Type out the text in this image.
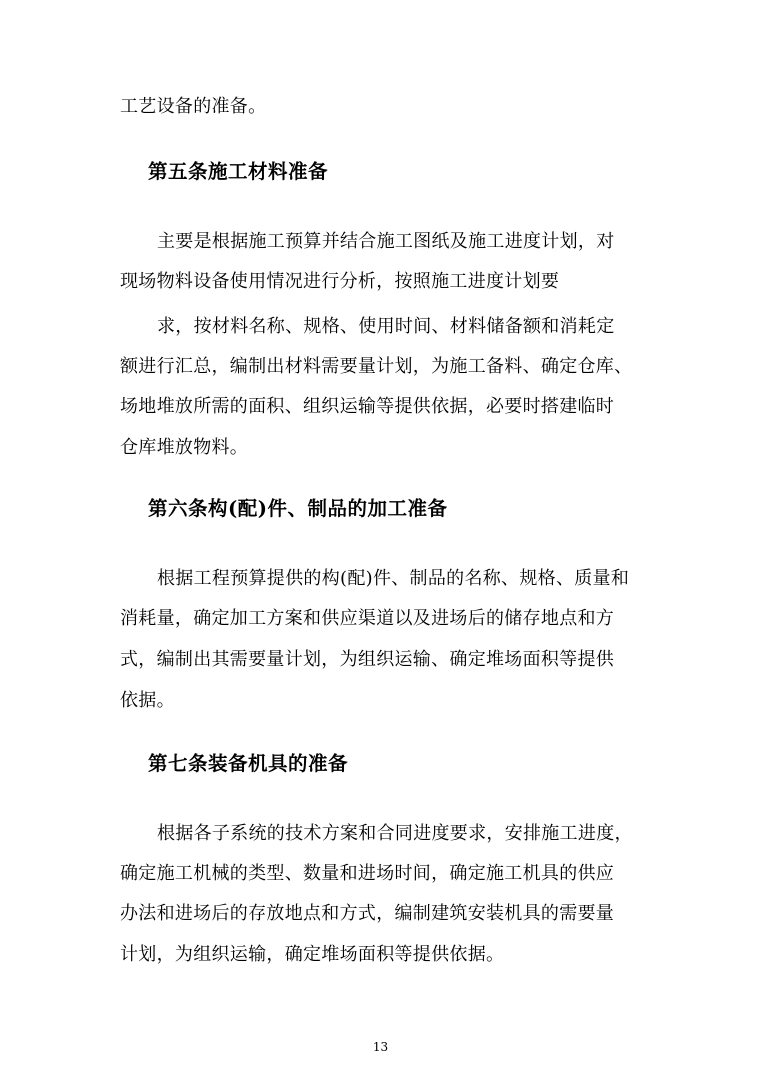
工艺设备的准备。
第五条施工材料准备
主要是根据施工预算并结合施工图纸及施工进度计划，对
现场物料设备使用情况进行分析，按照施工进度计划要
求，按材料名称、规格、使用时间、材料储备额和消耗定
额进行汇总，编制出材料需要量计划，为施工备料、确定仓库、
场地堆放所需的面积、组织运输等提供依据，必要时搭建临时
仓库堆放物料。
第六条构(配)件、制品的加工准备
根据工程预算提供的构(配)件、制品的名称、规格、质量和
消耗量，确定加工方案和供应渠道以及进场后的储存地点和方
式，编制出其需要量计划，为组织运输、确定堆场面积等提供
依据。
第七条装备机具的准备
根据各子系统的技术方案和合同进度要求，安排施工进度，
确定施工机械的类型、数量和进场时间，确定施工机具的供应
办法和进场后的存放地点和方式，编制建筑安装机具的需要量
计划，为组织运输，确定堆场面积等提供依据。
13
